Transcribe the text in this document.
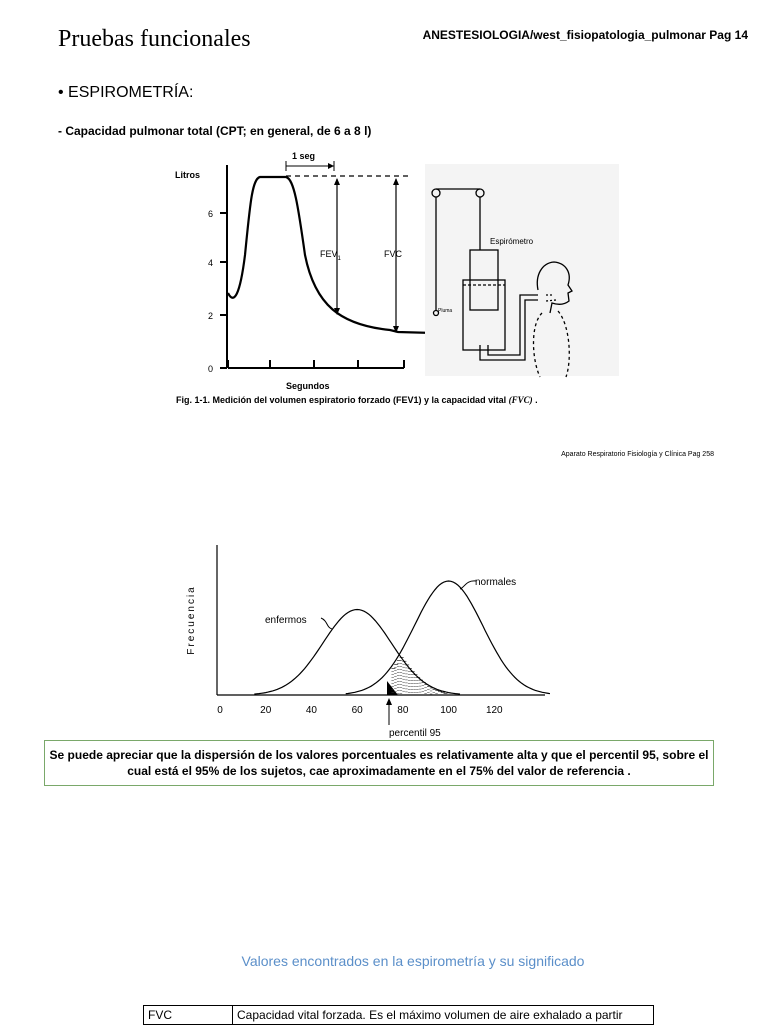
Pruebas funcionales	ANESTESIOLOGIA/west_fisiopatologia_pulmonar Pag 14
• ESPIROMETRÍA:
- Capacidad pulmonar total (CPT; en general, de 6 a 8 l)
Litros
6
4
2
0
1 seg
$FEV_1$	FVC
Segundos
Espirómetro
Pluma
Fig. 1-1. Medición del volumen espiratorio forzado (FEV1) y la capacidad vital (FVC) .
Aparato Respiratorio Fisiología y Clínica Pag 258
Frecuencia	enfermos
normales
0	20	40	60	80	100	120
percentil 95
Se puede apreciar que la dispersión de los valores porcentuales es relativamente alta y que el percentil 95, sobre el cual está el 95% de los sujetos, cae aproximadamente en el 75% del valor de referencia .
Valores encontrados en la espirometría y su significado
FVC	Capacidad vital forzada. Es el máximo volumen de aire exhalado a partir
